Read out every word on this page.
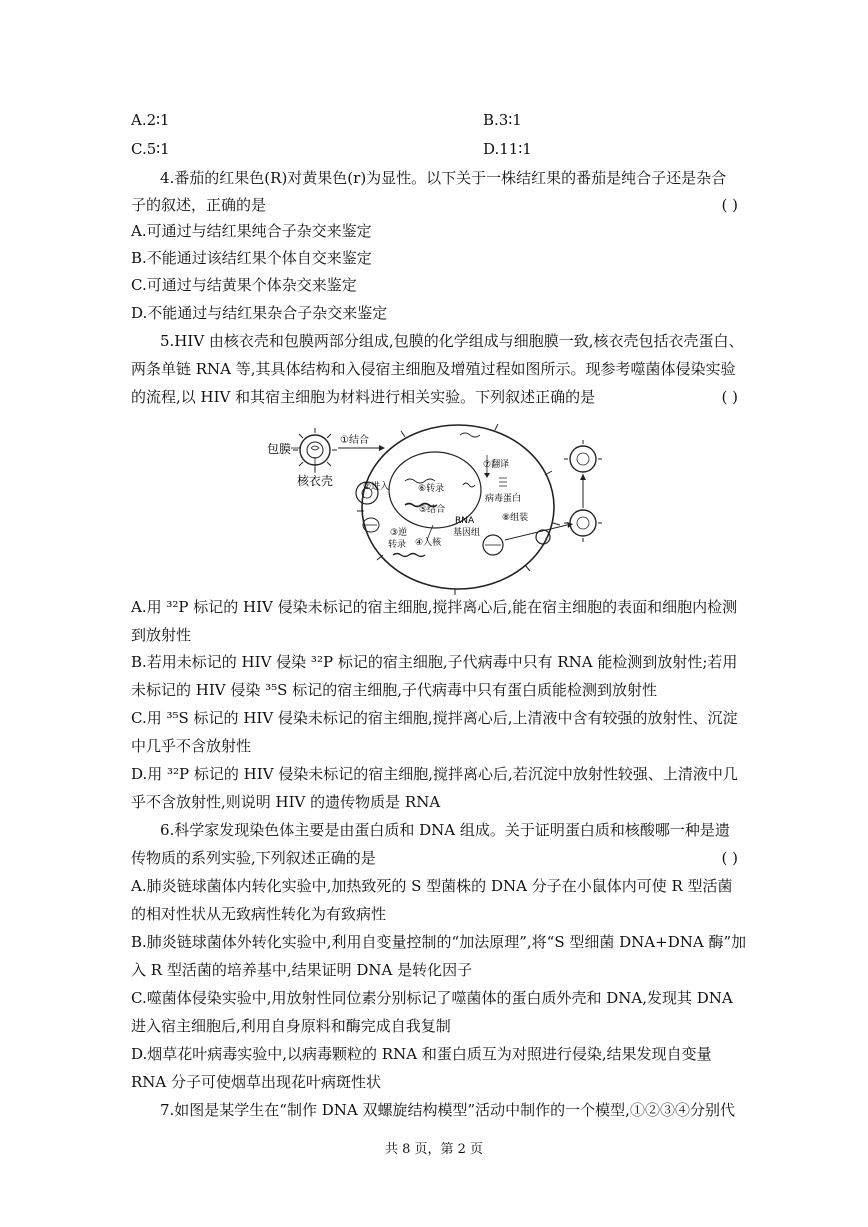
A.2∶1	B.3∶1
C.5∶1	D.11∶1
4.番茄的红果色(R)对黄果色(r)为显性。以下关于一株结红果的番茄是纯合子还是杂合
子的叙述，正确的是	( )
A.可通过与结红果纯合子杂交来鉴定
B.不能通过该结红果个体自交来鉴定
C.可通过与结黄果个体杂交来鉴定
D.不能通过与结红果杂合子杂交来鉴定
5.HIV 由核衣壳和包膜两部分组成,包膜的化学组成与细胞膜一致,核衣壳包括衣壳蛋白、
两条单链 RNA 等,其具体结构和入侵宿主细胞及增殖过程如图所示。现参考噬菌体侵染实验
的流程,以 HIV 和其宿主细胞为材料进行相关实验。下列叙述正确的是	( )
包膜
核衣壳
①结合
⑥转录
⑤结合
②进入
③逆
转录 ④入核
⑦翻译
病毒蛋白
RNA
基因组
⑧组装
A.用 ³²P 标记的 HIV 侵染未标记的宿主细胞,搅拌离心后,能在宿主细胞的表面和细胞内检测
到放射性
B.若用未标记的 HIV 侵染 ³²P 标记的宿主细胞,子代病毒中只有 RNA 能检测到放射性;若用
未标记的 HIV 侵染 ³⁵S 标记的宿主细胞,子代病毒中只有蛋白质能检测到放射性
C.用 ³⁵S 标记的 HIV 侵染未标记的宿主细胞,搅拌离心后,上清液中含有较强的放射性、沉淀
中几乎不含放射性
D.用 ³²P 标记的 HIV 侵染未标记的宿主细胞,搅拌离心后,若沉淀中放射性较强、上清液中几
乎不含放射性,则说明 HIV 的遗传物质是 RNA
6.科学家发现染色体主要是由蛋白质和 DNA 组成。关于证明蛋白质和核酸哪一种是遗
传物质的系列实验,下列叙述正确的是	( )
A.肺炎链球菌体内转化实验中,加热致死的 S 型菌株的 DNA 分子在小鼠体内可使 R 型活菌
的相对性状从无致病性转化为有致病性
B.肺炎链球菌体外转化实验中,利用自变量控制的“加法原理”,将“S 型细菌 DNA+DNA 酶”加
入 R 型活菌的培养基中,结果证明 DNA 是转化因子
C.噬菌体侵染实验中,用放射性同位素分别标记了噬菌体的蛋白质外壳和 DNA,发现其 DNA
进入宿主细胞后,利用自身原料和酶完成自我复制
D.烟草花叶病毒实验中,以病毒颗粒的 RNA 和蛋白质互为对照进行侵染,结果发现自变量
RNA 分子可使烟草出现花叶病斑性状
7.如图是某学生在“制作 DNA 双螺旋结构模型”活动中制作的一个模型,①②③④分别代
共 8 页，第 2 页
